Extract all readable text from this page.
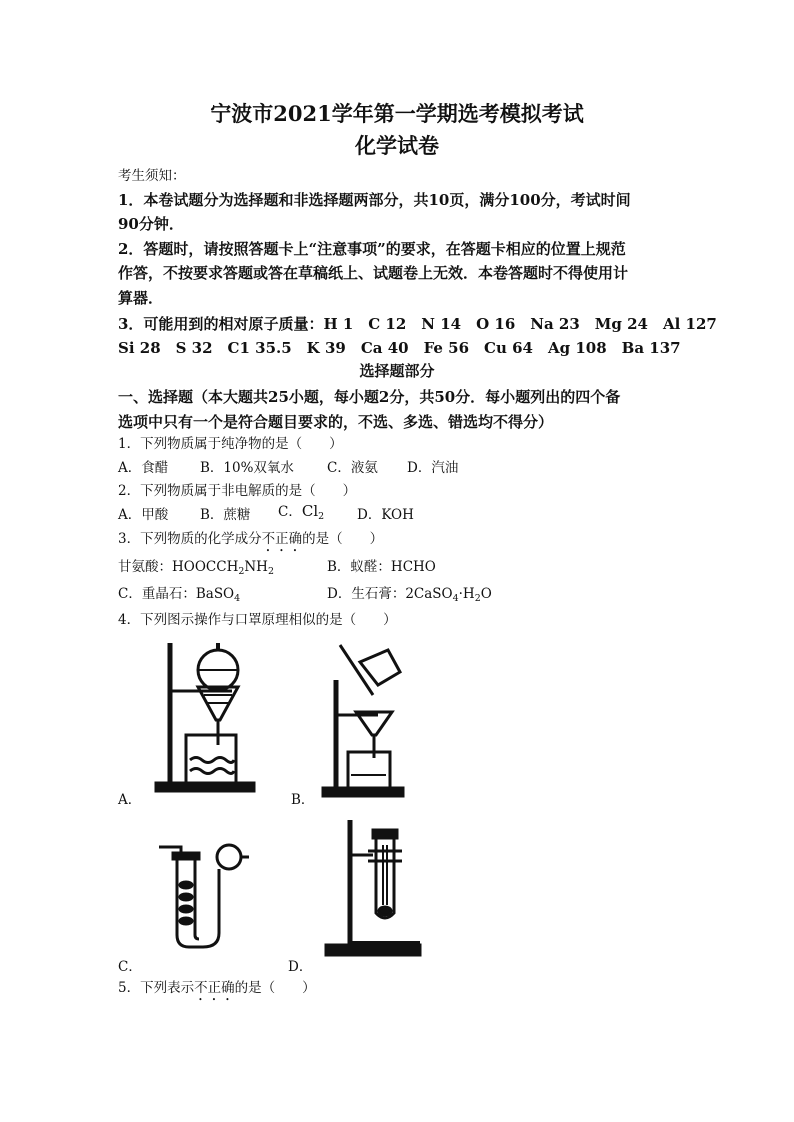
宁波市2021学年第一学期选考模拟考试
化学试卷
考生须知：
1．本卷试题分为选择题和非选择题两部分，共10页，满分100分，考试时间
90分钟．
2．答题时，请按照答题卡上“注意事项”的要求，在答题卡相应的位置上规范
作答，不按要求答题或答在草稿纸上、试题卷上无效．本卷答题时不得使用计
算器．
3．可能用到的相对原子质量：H 1　C 12　N 14　O 16　Na 23　Mg 24　Al 127
Si 28　S 32　C1 35.5　K 39　Ca 40　Fe 56　Cu 64　Ag 108　Ba 137
选择题部分
一、选择题（本大题共25小题，每小题2分，共50分．每小题列出的四个备
选项中只有一个是符合题目要求的，不选、多选、错选均不得分）
1．下列物质属于纯净物的是（　　）
A．食醋 B．10%双氧水 C．液氨 D．汽油
2．下列物质属于非电解质的是（　　）
A．甲酸 B．蔗糖 C．$Cl_2$ D．KOH
3．下列物质的化学成分不正确的是（　　）
甘氨酸：$HOOCCH_2NH_2$	B．蚁醛：HCHO
C．重晶石：BaSO$_4$	D．生石膏：$2CaSO_4\cdot H_2O$
4．下列图示操作与口罩原理相似的是（　　）
A．	B．
C．	D．
5．下列表示不正确的是（　　）
